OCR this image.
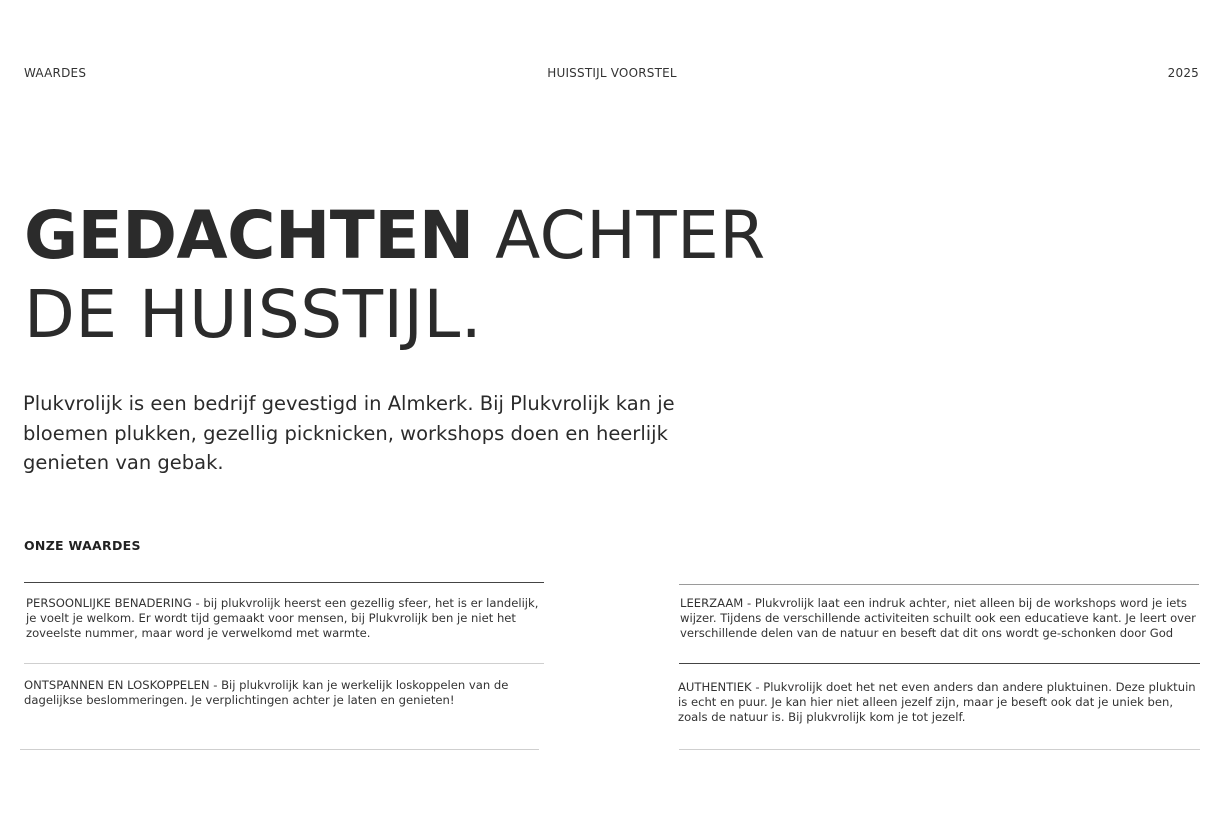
WAARDES	HUISSTIJL VOORSTEL	2025
GEDACHTEN ACHTER
DE HUISSTIJL.
Plukvrolijk is een bedrijf gevestigd in Almkerk. Bij Plukvrolijk kan je bloemen plukken, gezellig picknicken, workshops doen en heerlijk genieten van gebak.
ONZE WAARDES
PERSOONLIJKE BENADERING - bij plukvrolijk heerst een gezellig sfeer, het is er landelijk, je voelt je welkom. Er wordt tijd gemaakt voor mensen, bij Plukvrolijk ben je niet het zoveelste nummer, maar word je verwelkomd met warmte.
ONTSPANNEN EN LOSKOPPELEN - Bij plukvrolijk kan je werkelijk loskoppelen van de dagelijkse beslommeringen. Je verplichtingen achter je laten en genieten!
LEERZAAM - Plukvrolijk laat een indruk achter, niet alleen bij de workshops word je iets wijzer. Tijdens de verschillende activiteiten schuilt ook een educatieve kant. Je leert over verschillende delen van de natuur en beseft dat dit ons wordt ge-schonken door God
AUTHENTIEK - Plukvrolijk doet het net even anders dan andere pluktuinen. Deze pluktuin is echt en puur. Je kan hier niet alleen jezelf zijn, maar je beseft ook dat je uniek ben, zoals de natuur is. Bij plukvrolijk kom je tot jezelf.
